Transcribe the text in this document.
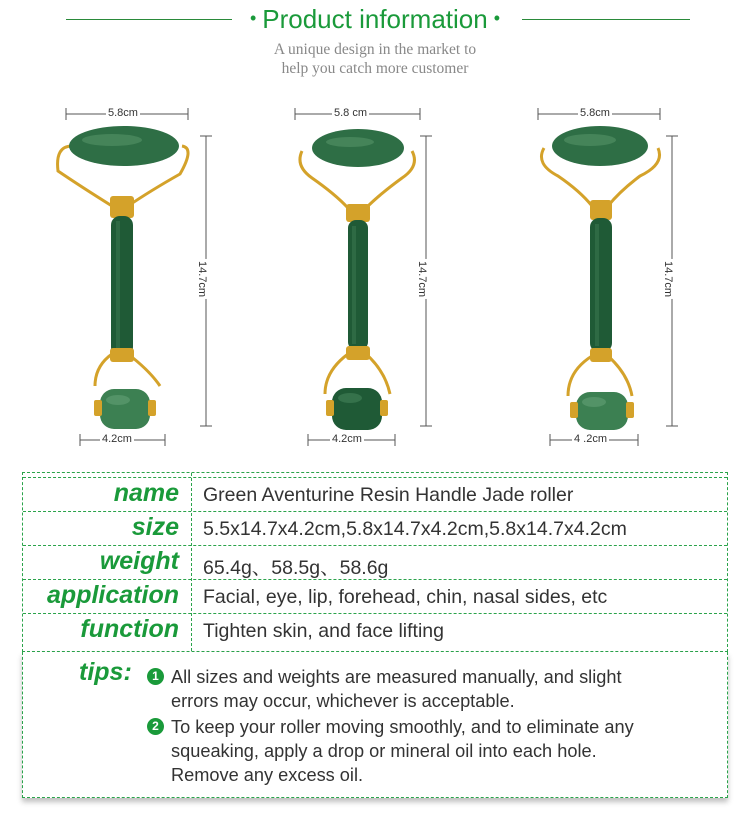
• Product information •
A unique design in the market to
help you catch more customer
5.8cm
4.2cm
14.7cm
5.8 cm
4.2cm
14.7cm
5.8cm
4 .2cm
14.7cm
name Green Aventurine Resin Handle Jade roller
size 5.5x14.7x4.2cm,5.8x14.7x4.2cm,5.8x14.7x4.2cm
weight 65.4g、58.5g、58.6g
application Facial, eye, lip, forehead, chin, nasal sides, etc
function Tighten skin, and face lifting
tips:	1 All sizes and weights are measured manually, and slight
errors may occur, whichever is acceptable.
2 To keep your roller moving smoothly, and to eliminate any
squeaking, apply a drop or mineral oil into each hole.
Remove any excess oil.
